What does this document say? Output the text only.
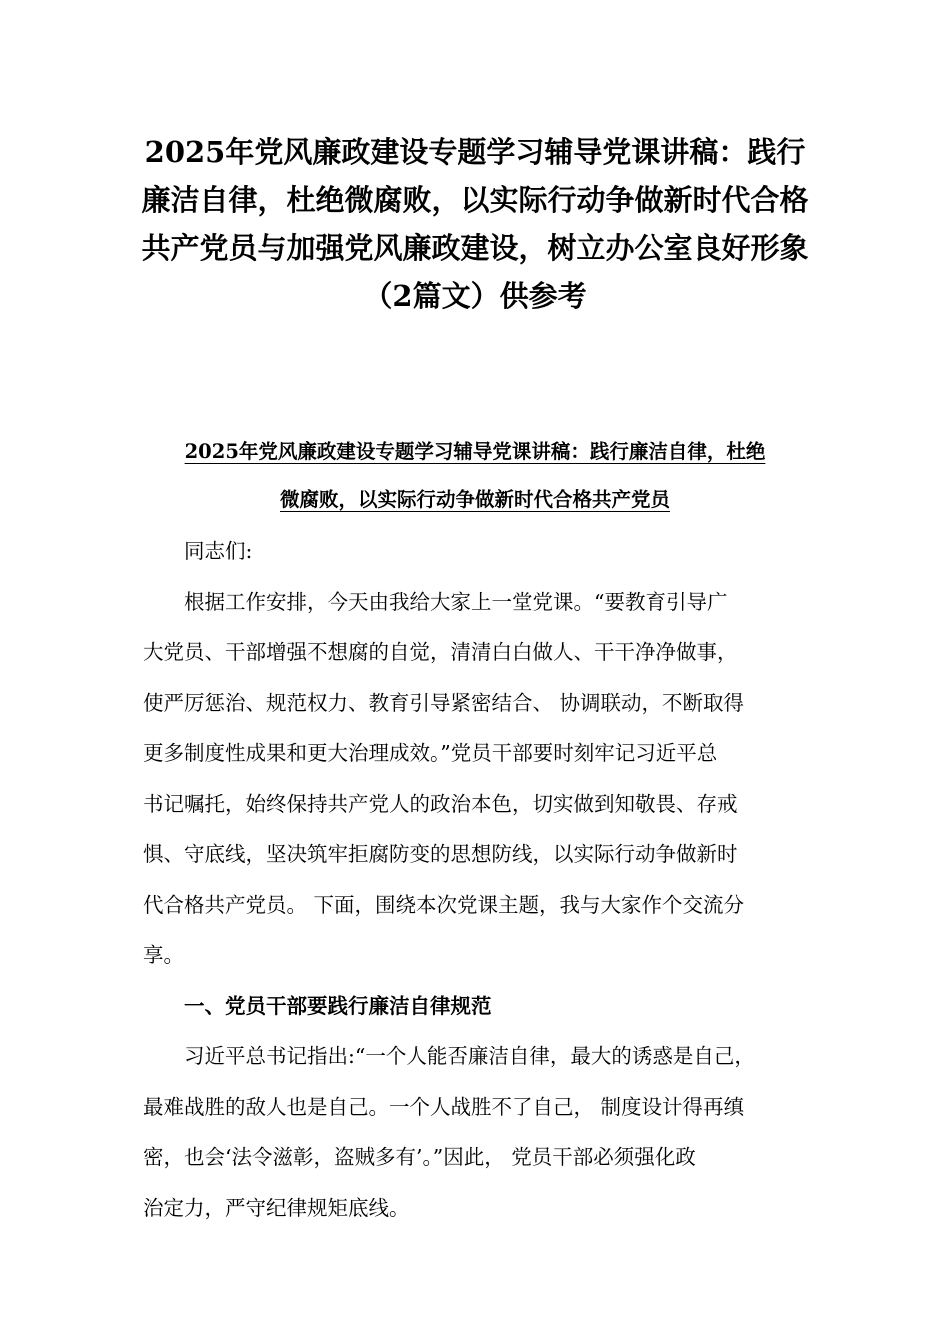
2025年党风廉政建设专题学习辅导党课讲稿：践行
廉洁自律，杜绝微腐败，以实际行动争做新时代合格
共产党员与加强党风廉政建设，树立办公室良好形象
（2篇文）供参考
2025年党风廉政建设专题学习辅导党课讲稿：践行廉洁自律，杜绝
微腐败，以实际行动争做新时代合格共产党员
同志们:
根据工作安排，今天由我给大家上一堂党课。“要教育引导广
大党员、干部增强不想腐的自觉，清清白白做人、干干净净做事，
使严厉惩治、规范权力、教育引导紧密结合、 协调联动，不断取得
更多制度性成果和更大治理成效。”党员干部要时刻牢记习近平总
书记嘱托，始终保持共产党人的政治本色，切实做到知敬畏、存戒
惧、守底线，坚决筑牢拒腐防变的思想防线，以实际行动争做新时
代合格共产党员。 下面，围绕本次党课主题，我与大家作个交流分
享。
一、党员干部要践行廉洁自律规范
习近平总书记指出:“一个人能否廉洁自律，最大的诱惑是自己，
最难战胜的敌人也是自己。一个人战胜不了自己， 制度设计得再缜
密，也会‘法令滋彰，盗贼多有’。”因此， 党员干部必须强化政
治定力，严守纪律规矩底线。
